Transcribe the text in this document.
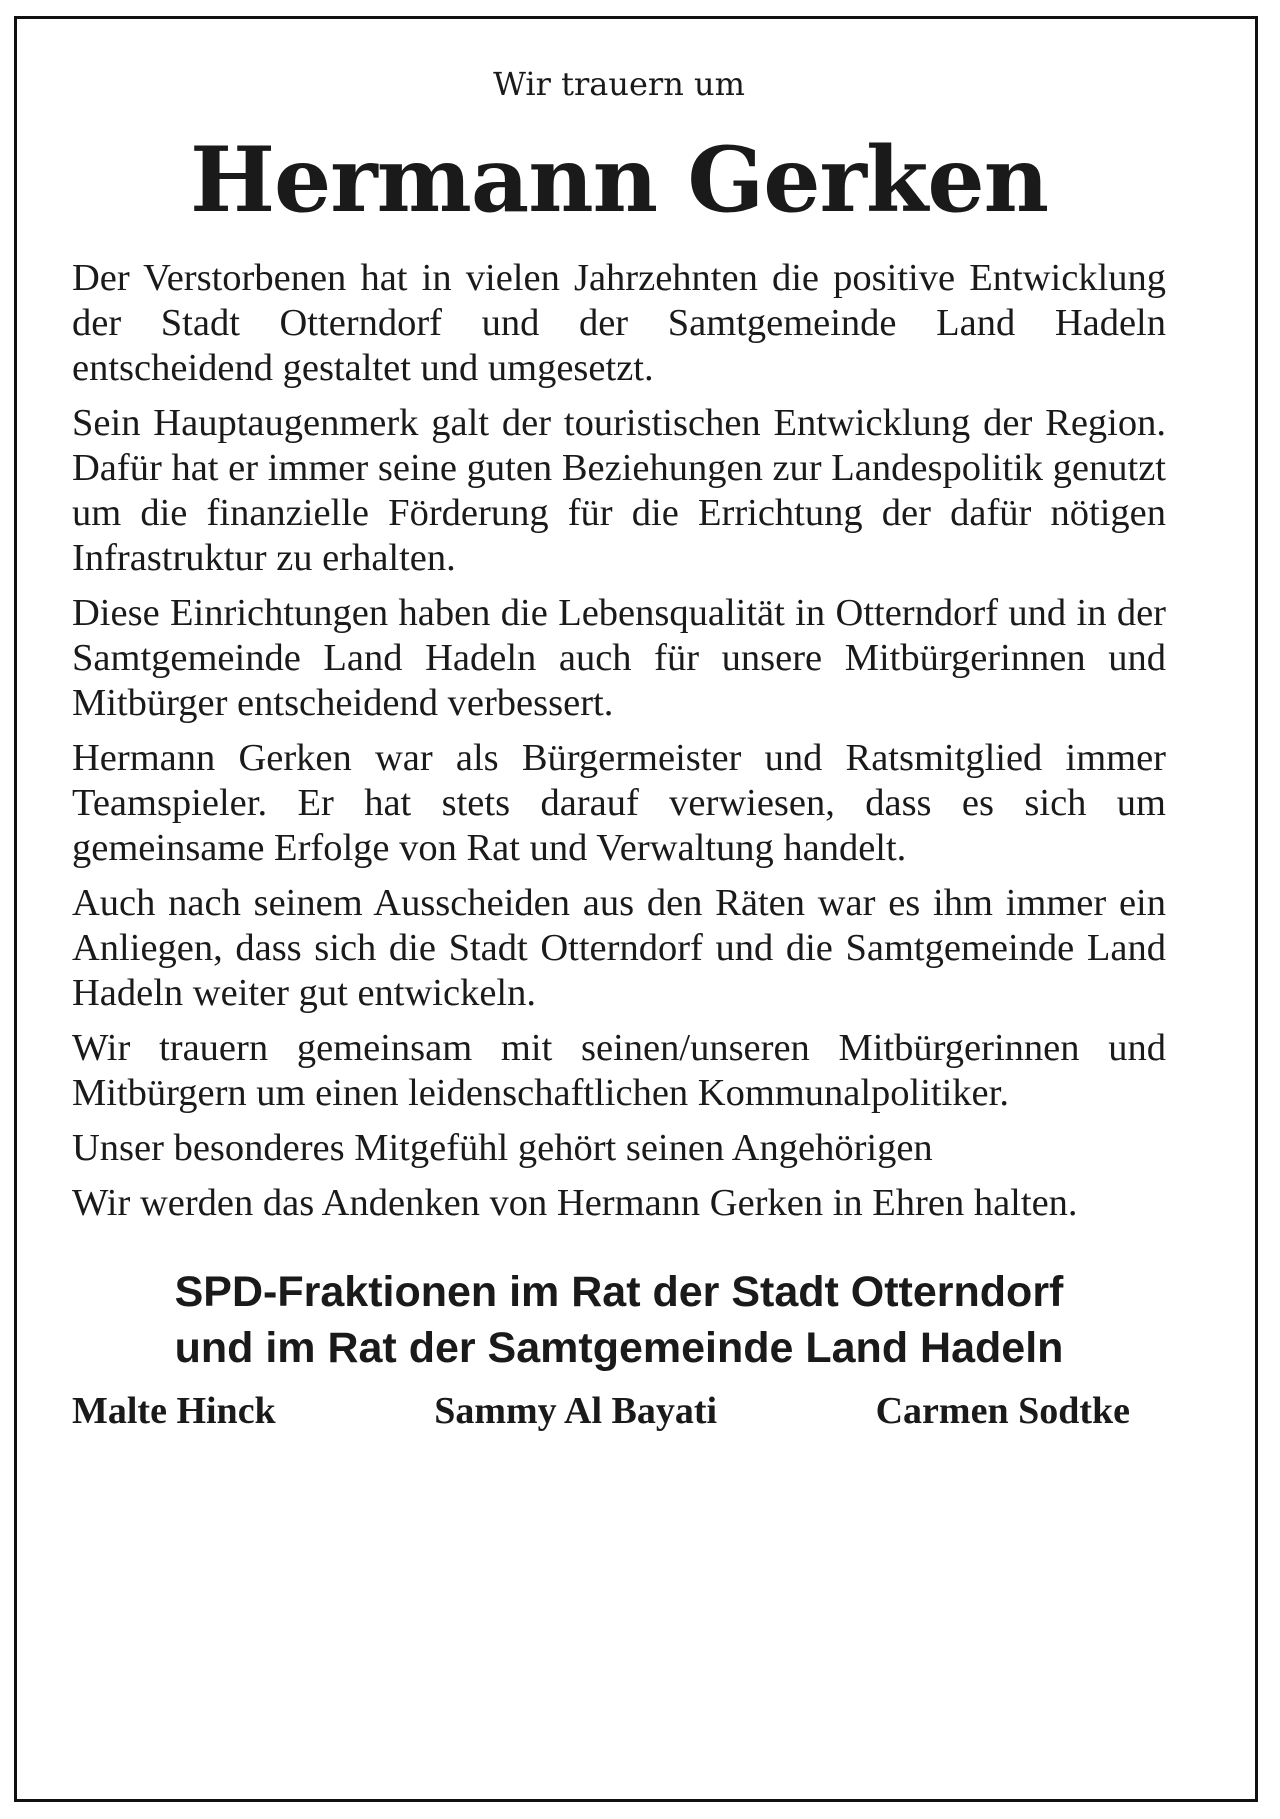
Wir trauern um
Hermann Gerken

Der Verstorbenen hat in vielen Jahrzehnten die positive Entwicklung der Stadt Otterndorf und der Samtgemeinde Land Hadeln entscheidend gestaltet und umgesetzt.

Sein Hauptaugenmerk galt der touristischen Entwicklung der Region. Dafür hat er immer seine guten Beziehungen zur Landespolitik genutzt um die finanzielle Förderung für die Errichtung der dafür nötigen Infrastruktur zu erhalten.

Diese Einrichtungen haben die Lebensqualität in Otterndorf und in der Samtgemeinde Land Hadeln auch für unsere Mitbürgerinnen und Mitbürger entscheidend verbessert.

Hermann Gerken war als Bürgermeister und Ratsmitglied immer Teamspieler. Er hat stets darauf verwiesen, dass es sich um gemeinsame Erfolge von Rat und Verwaltung handelt.

Auch nach seinem Ausscheiden aus den Räten war es ihm immer ein Anliegen, dass sich die Stadt Otterndorf und die Samtgemeinde Land Hadeln weiter gut entwickeln.

Wir trauern gemeinsam mit seinen/unseren Mitbürgerinnen und Mitbürgern um einen leidenschaftlichen Kommunalpolitiker.

Unser besonderes Mitgefühl gehört seinen Angehörigen

Wir werden das Andenken von Hermann Gerken in Ehren halten.

SPD-Fraktionen im Rat der Stadt Otterndorf
und im Rat der Samtgemeinde Land Hadeln
Malte Hinck	Sammy Al Bayati	Carmen Sodtke
